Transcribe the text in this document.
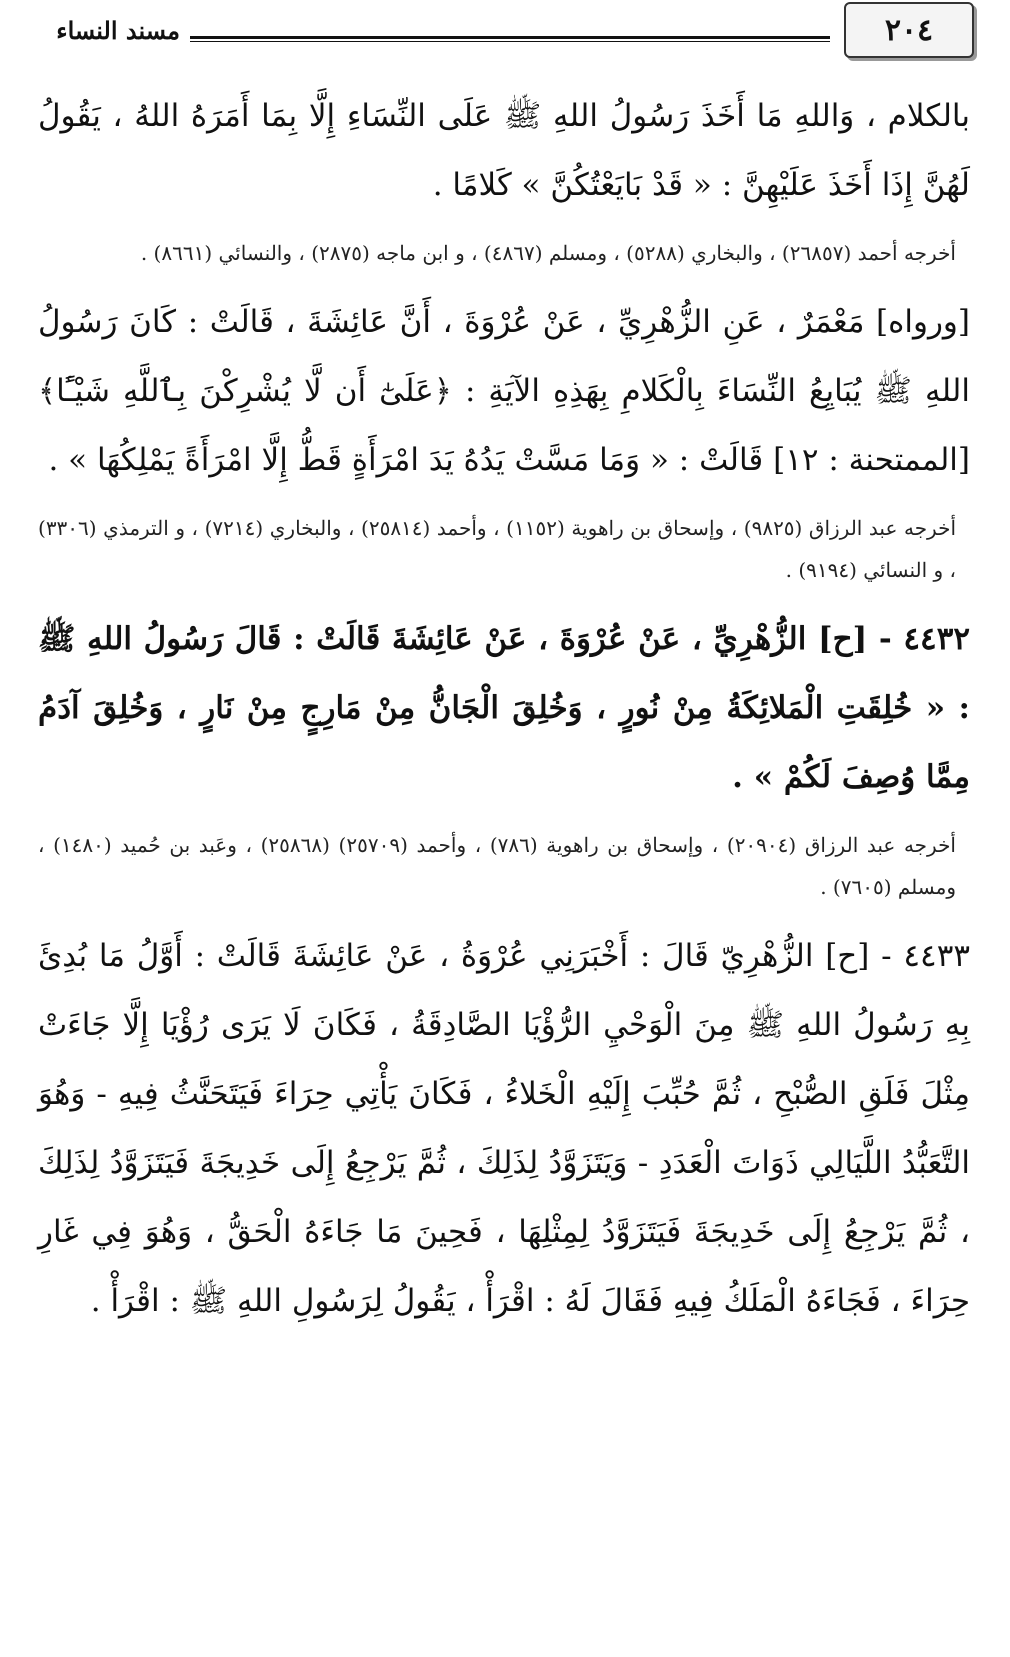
٢٠٤
مسند النساء

بالكلام ، وَاللهِ مَا أَخَذَ رَسُولُ اللهِ ﷺ عَلَى النِّسَاءِ إِلَّا بِمَا أَمَرَهُ اللهُ ، يَقُولُ لَهُنَّ إِذَا أَخَذَ عَلَيْهِنَّ : « قَدْ بَايَعْتُكُنَّ » كَلامًا .

أخرجه أحمد (٢٦٨٥٧) ، والبخاري (٥٢٨٨) ، ومسلم (٤٨٦٧) ، و ابن ماجه (٢٨٧٥) ، والنسائي (٨٦٦١) .

[ورواه] مَعْمَرٌ ، عَنِ الزُّهْرِيِّ ، عَنْ عُرْوَةَ ، أَنَّ عَائِشَةَ ، قَالَتْ : كَانَ رَسُولُ اللهِ ﷺ يُبَايِعُ النِّسَاءَ بِالْكَلامِ بِهَذِهِ الآيَةِ : ﴿عَلَىٰٓ أَن لَّا يُشْرِكْنَ بِٱللَّهِ شَيْـًٔا﴾ [الممتحنة : ١٢] قَالَتْ : « وَمَا مَسَّتْ يَدُهُ يَدَ امْرَأَةٍ قَطُّ إِلَّا امْرَأَةً يَمْلِكُهَا » .

أخرجه عبد الرزاق (٩٨٢٥) ، وإسحاق بن راهوية (١١٥٢) ، وأحمد (٢٥٨١٤) ، والبخاري (٧٢١٤) ، و الترمذي (٣٣٠٦) ، و النسائي (٩١٩٤) .

٤٤٣٢ - [ح] الزُّهْرِيِّ ، عَنْ عُرْوَةَ ، عَنْ عَائِشَةَ قَالَتْ : قَالَ رَسُولُ اللهِ ﷺ : « خُلِقَتِ الْمَلائِكَةُ مِنْ نُورٍ ، وَخُلِقَ الْجَانُّ مِنْ مَارِجٍ مِنْ نَارٍ ، وَخُلِقَ آدَمُ مِمَّا وُصِفَ لَكُمْ » .

أخرجه عبد الرزاق (٢٠٩٠٤) ، وإسحاق بن راهوية (٧٨٦) ، وأحمد (٢٥٧٠٩) (٢٥٨٦٨) ، وعَبد بن حُميد (١٤٨٠) ، ومسلم (٧٦٠٥) .

٤٤٣٣ - [ح] الزُّهْرِيّ قَالَ : أَخْبَرَنِي عُرْوَةُ ، عَنْ عَائِشَةَ قَالَتْ : أَوَّلُ مَا بُدِئَ بِهِ رَسُولُ اللهِ ﷺ مِنَ الْوَحْيِ الرُّؤْيَا الصَّادِقَةُ ، فَكَانَ لَا يَرَى رُؤْيَا إِلَّا جَاءَتْ مِثْلَ فَلَقِ الصُّبْحِ ، ثُمَّ حُبِّبَ إِلَيْهِ الْخَلاءُ ، فَكَانَ يَأْتِي حِرَاءَ فَيَتَحَنَّثُ فِيهِ - وَهُوَ التَّعَبُّدُ اللَّيَالِي ذَوَاتَ الْعَدَدِ - وَيَتَزَوَّدُ لِذَلِكَ ، ثُمَّ يَرْجِعُ إِلَى خَدِيجَةَ فَيَتَزَوَّدُ لِذَلِكَ ، ثُمَّ يَرْجِعُ إِلَى خَدِيجَةَ فَيَتَزَوَّدُ لِمِثْلِهَا ، فَحِينَ مَا جَاءَهُ الْحَقُّ ، وَهُوَ فِي غَارِ حِرَاءَ ، فَجَاءَهُ الْمَلَكُ فِيهِ فَقَالَ لَهُ : اقْرَأْ ، يَقُولُ لِرَسُولِ اللهِ ﷺ : اقْرَأْ .
